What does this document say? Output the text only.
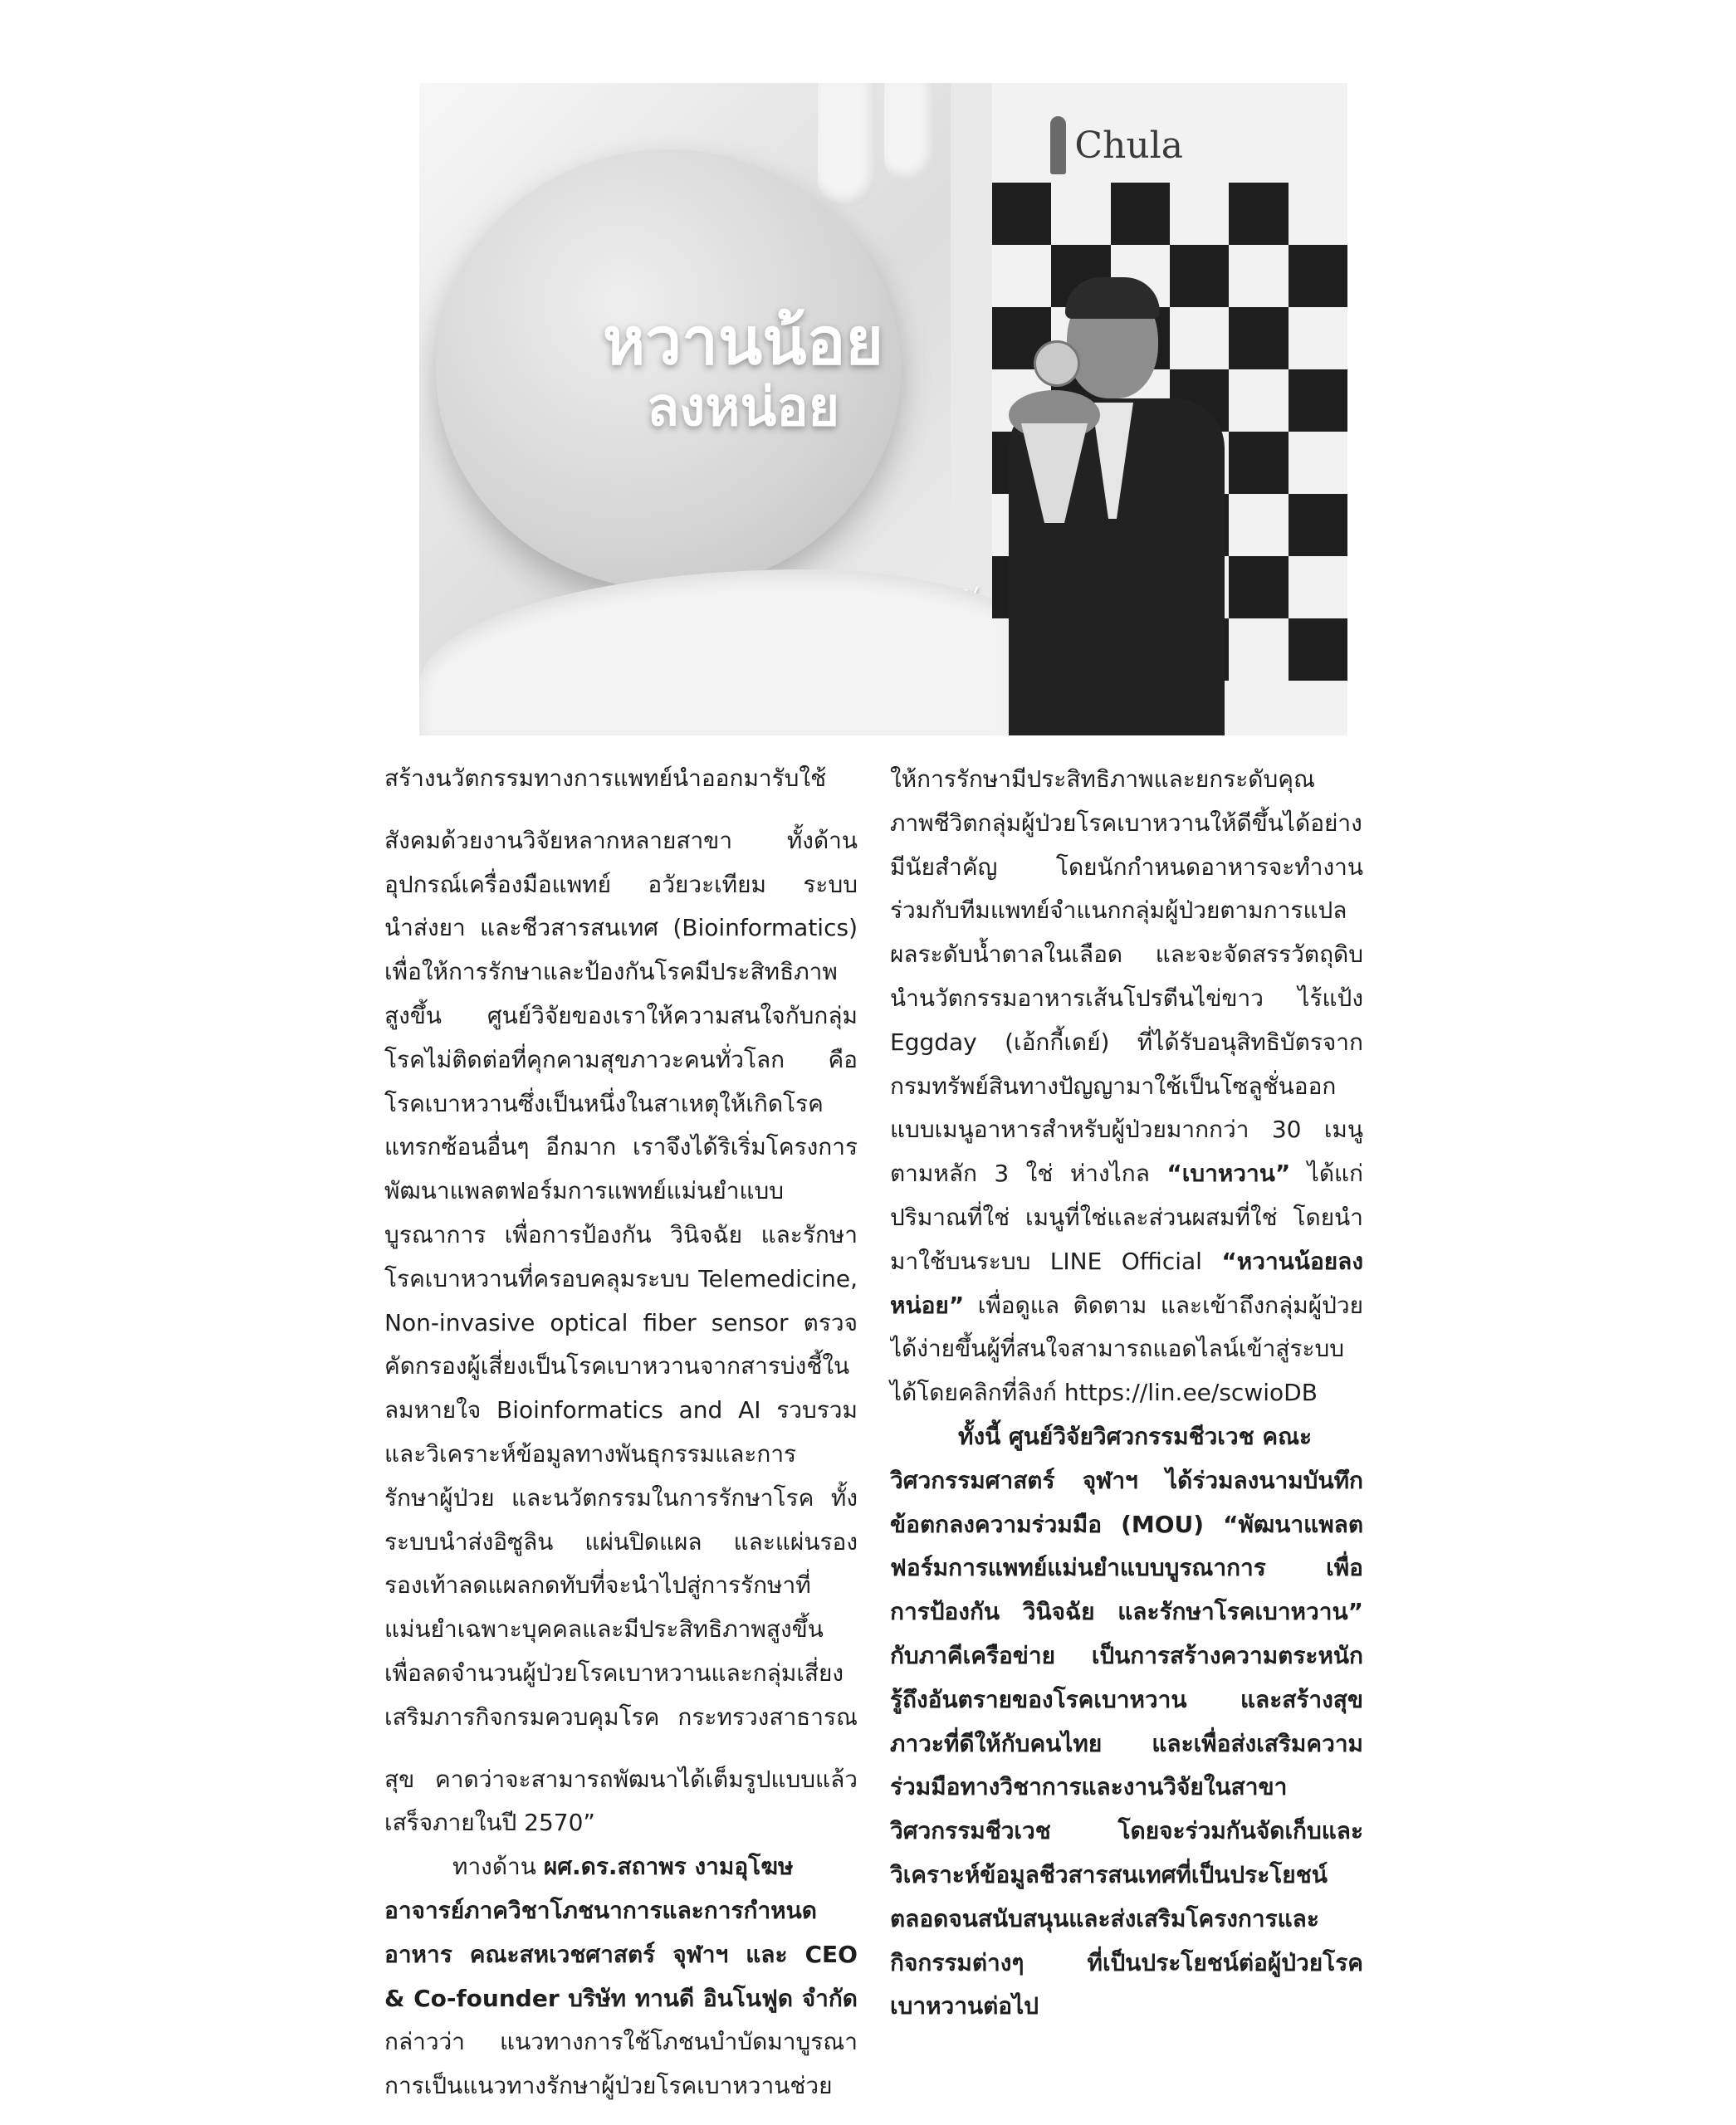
หวานน้อย
ลงหน่อย
Chula
สร้างนวัตกรรมทางการแพทย์นำออกมารับใช้
สังคมด้วยงานวิจัยหลากหลายสาขา ทั้งด้าน
อุปกรณ์เครื่องมือแพทย์ อวัยวะเทียม ระบบ
นำส่งยา และชีวสารสนเทศ (Bioinformatics)
เพื่อให้การรักษาและป้องกันโรคมีประสิทธิภาพ
สูงขึ้น ศูนย์วิจัยของเราให้ความสนใจกับกลุ่ม
โรคไม่ติดต่อที่คุกคามสุขภาวะคนทั่วโลก คือ
โรคเบาหวานซึ่งเป็นหนึ่งในสาเหตุให้เกิดโรค
แทรกซ้อนอื่นๆ อีกมาก เราจึงได้ริเริ่มโครงการ
พัฒนาแพลตฟอร์มการแพทย์แม่นยำแบบ
บูรณาการ เพื่อการป้องกัน วินิจฉัย และรักษา
โรคเบาหวานที่ครอบคลุมระบบ Telemedicine,
Non-invasive optical fiber sensor ตรวจ
คัดกรองผู้เสี่ยงเป็นโรคเบาหวานจากสารบ่งชี้ใน
ลมหายใจ Bioinformatics and AI รวบรวม
และวิเคราะห์ข้อมูลทางพันธุกรรมและการ
รักษาผู้ป่วย และนวัตกรรมในการรักษาโรค ทั้ง
ระบบนำส่งอิซูลิน แผ่นปิดแผล และแผ่นรอง
รองเท้าลดแผลกดทับที่จะนำไปสู่การรักษาที่
แม่นยำเฉพาะบุคคลและมีประสิทธิภาพสูงขึ้น
เพื่อลดจำนวนผู้ป่วยโรคเบาหวานและกลุ่มเสี่ยง
เสริมภารกิจกรมควบคุมโรค กระทรวงสาธารณ
สุข คาดว่าจะสามารถพัฒนาได้เต็มรูปแบบแล้ว
เสร็จภายในปี 2570”
ทางด้าน ผศ.ดร.สถาพร งามอุโฆษ
อาจารย์ภาควิชาโภชนาการและการกำหนด
อาหาร คณะสหเวชศาสตร์ จุฬาฯ และ CEO
& Co-founder บริษัท ทานดี อินโนฟูด จำกัด
กล่าวว่า แนวทางการใช้โภชนบำบัดมาบูรณา
การเป็นแนวทางรักษาผู้ป่วยโรคเบาหวานช่วย
ให้การรักษามีประสิทธิภาพและยกระดับคุณ
ภาพชีวิตกลุ่มผู้ป่วยโรคเบาหวานให้ดีขึ้นได้อย่าง
มีนัยสำคัญ โดยนักกำหนดอาหารจะทำงาน
ร่วมกับทีมแพทย์จำแนกกลุ่มผู้ป่วยตามการแปล
ผลระดับน้ำตาลในเลือด และจะจัดสรรวัตถุดิบ
นำนวัตกรรมอาหารเส้นโปรตีนไข่ขาว ไร้แป้ง
Eggday (เอ้กกี้เดย์) ที่ได้รับอนุสิทธิบัตรจาก
กรมทรัพย์สินทางปัญญามาใช้เป็นโซลูชั่นออก
แบบเมนูอาหารสำหรับผู้ป่วยมากกว่า 30 เมนู
ตามหลัก 3 ใช่ ห่างไกล “เบาหวาน” ได้แก่
ปริมาณที่ใช่ เมนูที่ใช่และส่วนผสมที่ใช่ โดยนำ
มาใช้บนระบบ LINE Official “หวานน้อยลง
หน่อย” เพื่อดูแล ติดตาม และเข้าถึงกลุ่มผู้ป่วย
ได้ง่ายขึ้นผู้ที่สนใจสามารถแอดไลน์เข้าสู่ระบบ
ได้โดยคลิกที่ลิงก์ https://lin.ee/scwioDB
ทั้งนี้ ศูนย์วิจัยวิศวกรรมชีวเวช คณะ
วิศวกรรมศาสตร์ จุฬาฯ ได้ร่วมลงนามบันทึก
ข้อตกลงความร่วมมือ (MOU) “พัฒนาแพลต
ฟอร์มการแพทย์แม่นยำแบบบูรณาการ เพื่อ
การป้องกัน วินิจฉัย และรักษาโรคเบาหวาน”
กับภาคีเครือข่าย เป็นการสร้างความตระหนัก
รู้ถึงอันตรายของโรคเบาหวาน และสร้างสุข
ภาวะที่ดีให้กับคนไทย และเพื่อส่งเสริมความ
ร่วมมือทางวิชาการและงานวิจัยในสาขา
วิศวกรรมชีวเวช โดยจะร่วมกันจัดเก็บและ
วิเคราะห์ข้อมูลชีวสารสนเทศที่เป็นประโยชน์
ตลอดจนสนับสนุนและส่งเสริมโครงการและ
กิจกรรมต่างๆ ที่เป็นประโยชน์ต่อผู้ป่วยโรค
เบาหวานต่อไป
